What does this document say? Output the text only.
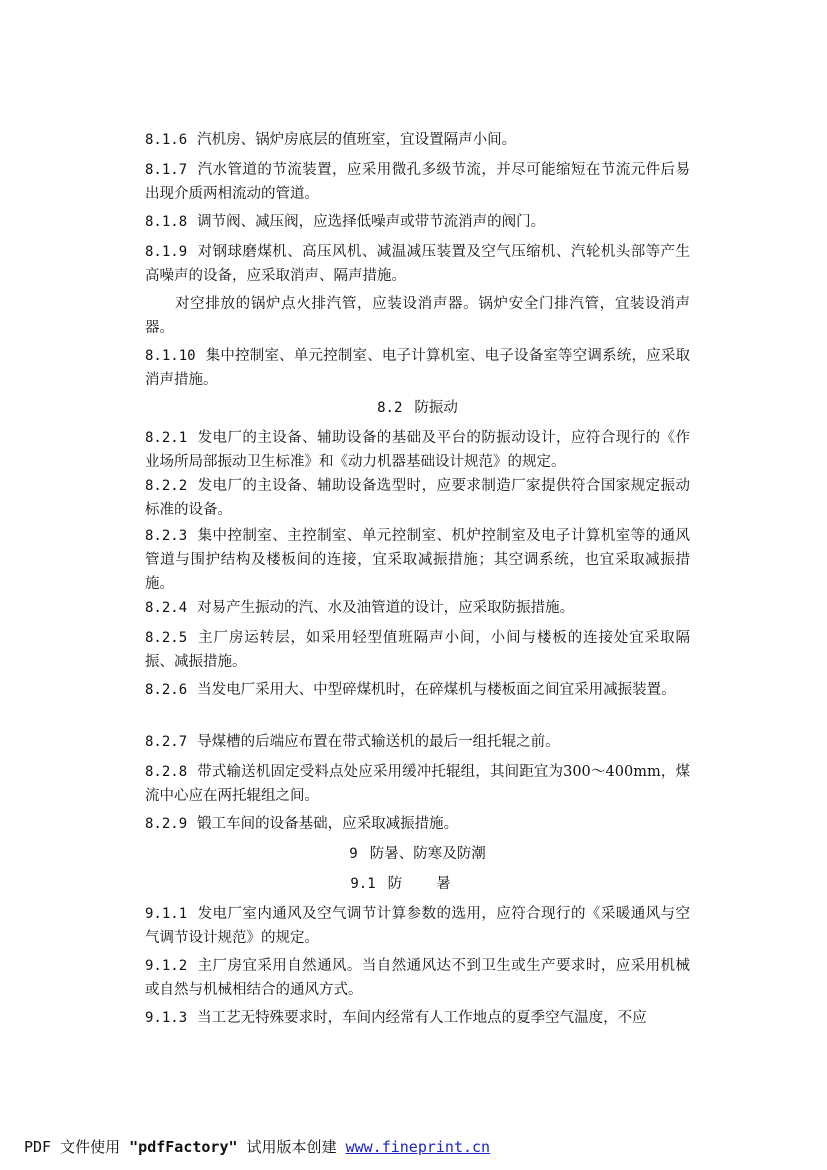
8.1.6 汽机房、锅炉房底层的值班室，宜设置隔声小间。
8.1.7 汽水管道的节流装置，应采用微孔多级节流，并尽可能缩短在节流元件后易出现介质两相流动的管道。
8.1.8 调节阀、减压阀，应选择低噪声或带节流消声的阀门。
8.1.9 对钢球磨煤机、高压风机、减温减压装置及空气压缩机、汽轮机头部等产生高噪声的设备，应采取消声、隔声措施。
对空排放的锅炉点火排汽管，应装设消声器。锅炉安全门排汽管，宜装设消声器。
8.1.10 集中控制室、单元控制室、电子计算机室、电子设备室等空调系统，应采取消声措施。
8.2 防振动
8.2.1 发电厂的主设备、辅助设备的基础及平台的防振动设计，应符合现行的《作业场所局部振动卫生标准》和《动力机器基础设计规范》的规定。
8.2.2 发电厂的主设备、辅助设备选型时，应要求制造厂家提供符合国家规定振动标准的设备。
8.2.3 集中控制室、主控制室、单元控制室、机炉控制室及电子计算机室等的通风管道与围护结构及楼板间的连接，宜采取减振措施；其空调系统，也宜采取减振措施。
8.2.4 对易产生振动的汽、水及油管道的设计，应采取防振措施。
8.2.5 主厂房运转层，如采用轻型值班隔声小间，小间与楼板的连接处宜采取隔振、减振措施。
8.2.6 当发电厂采用大、中型碎煤机时，在碎煤机与楼板面之间宜采用减振装置。
8.2.7 导煤槽的后端应布置在带式输送机的最后一组托辊之前。
8.2.8 带式输送机固定受料点处应采用缓冲托辊组，其间距宜为300～400mm，煤流中心应在两托辊组之间。
8.2.9 锻工车间的设备基础，应采取减振措施。
9 防暑、防寒及防潮
9.1 防暑
9.1.1 发电厂室内通风及空气调节计算参数的选用，应符合现行的《采暖通风与空气调节设计规范》的规定。
9.1.2 主厂房宜采用自然通风。当自然通风达不到卫生或生产要求时，应采用机械或自然与机械相结合的通风方式。
9.1.3 当工艺无特殊要求时，车间内经常有人工作地点的夏季空气温度，不应
PDF 文件使用 "pdfFactory" 试用版本创建 www.fineprint.cn
